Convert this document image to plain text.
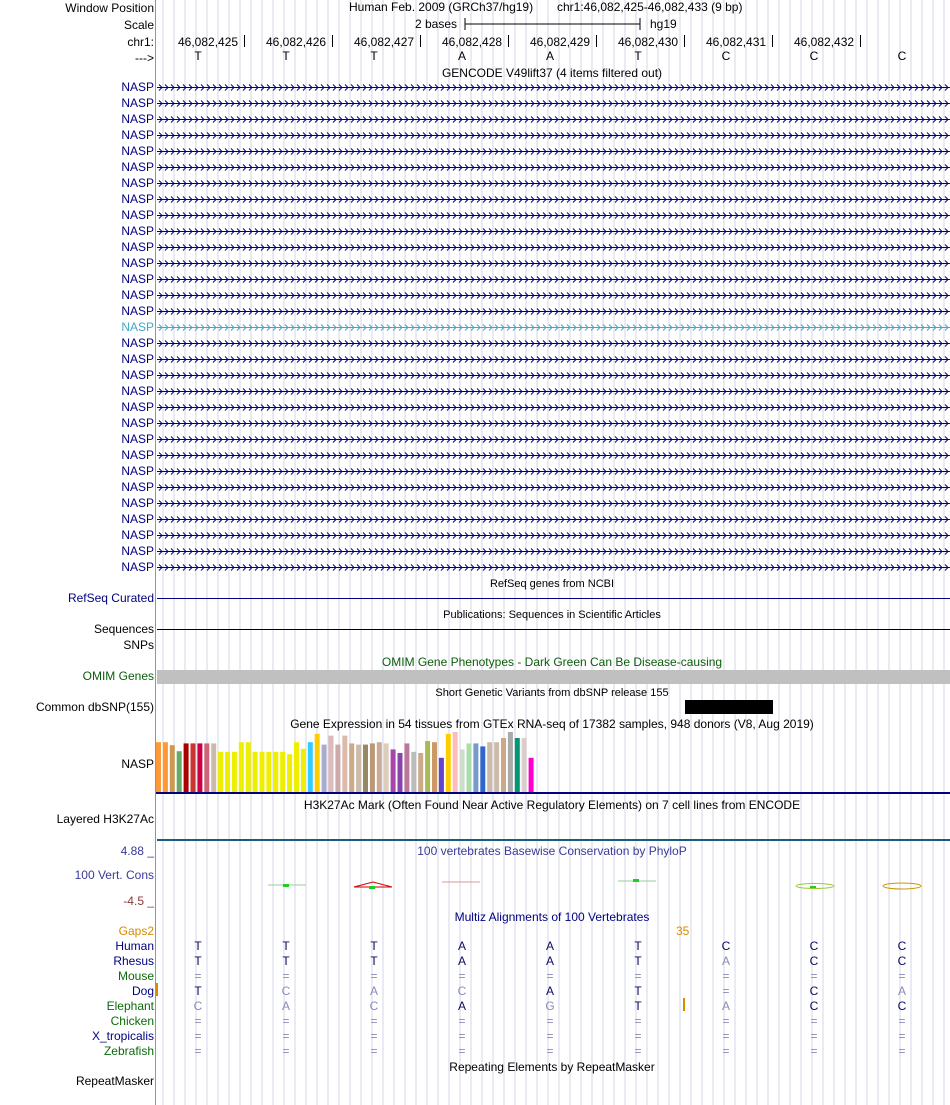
Window Position	Human Feb. 2009 (GRCh37/hg19) chr1:46,082,425-46,082,433 (9 bp)
Scale	2 bases	hg19
chr1: 46,082,425 46,082,426 46,082,427 46,082,428 46,082,429 46,082,430 46,082,431 46,082,432
--->	T	T	T	A	A	T	C	C	C
GENCODE V49lift37 (4 items filtered out)
NASP
NASP
NASP
NASP
NASP
NASP
NASP
NASP
NASP
NASP
NASP
NASP
NASP
NASP
NASP
NASP
NASP
NASP
NASP
NASP
NASP
NASP
NASP
NASP
NASP
NASP
NASP
NASP
NASP
NASP
NASP
RefSeq genes from NCBI
RefSeq Curated
Publications: Sequences in Scientific Articles
Sequences
SNPs
OMIM Gene Phenotypes - Dark Green Can Be Disease-causing
OMIM Genes
Short Genetic Variants from dbSNP release 155
Common dbSNP(155)
Gene Expression in 54 tissues from GTEx RNA-seq of 17382 samples, 948 donors (V8, Aug 2019)
NASP
H3K27Ac Mark (Often Found Near Active Regulatory Elements) on 7 cell lines from ENCODE
Layered H3K27Ac
4.88 _	100 vertebrates Basewise Conservation by PhyloP
100 Vert. Cons
-4.5 _
Multiz Alignments of 100 Vertebrates
Gaps2	35
Human	T	T	T	A	A	T	C	C	C
Rhesus	T	T	T	A	A	T	A	C	C
Mouse	=	=	=	=	=	=	=	=	=
Dog	T	C	A	C	A	T	=	C	A
Elephant	C	A	C	A	G	T	A	C	C
Chicken	=	=	=	=	=	=	=	=	=
X_tropicalis	=	=	=	=	=	=	=	=	=
Zebrafish	=	=	=	=	=	=	=	=	=
Repeating Elements by RepeatMasker
RepeatMasker
